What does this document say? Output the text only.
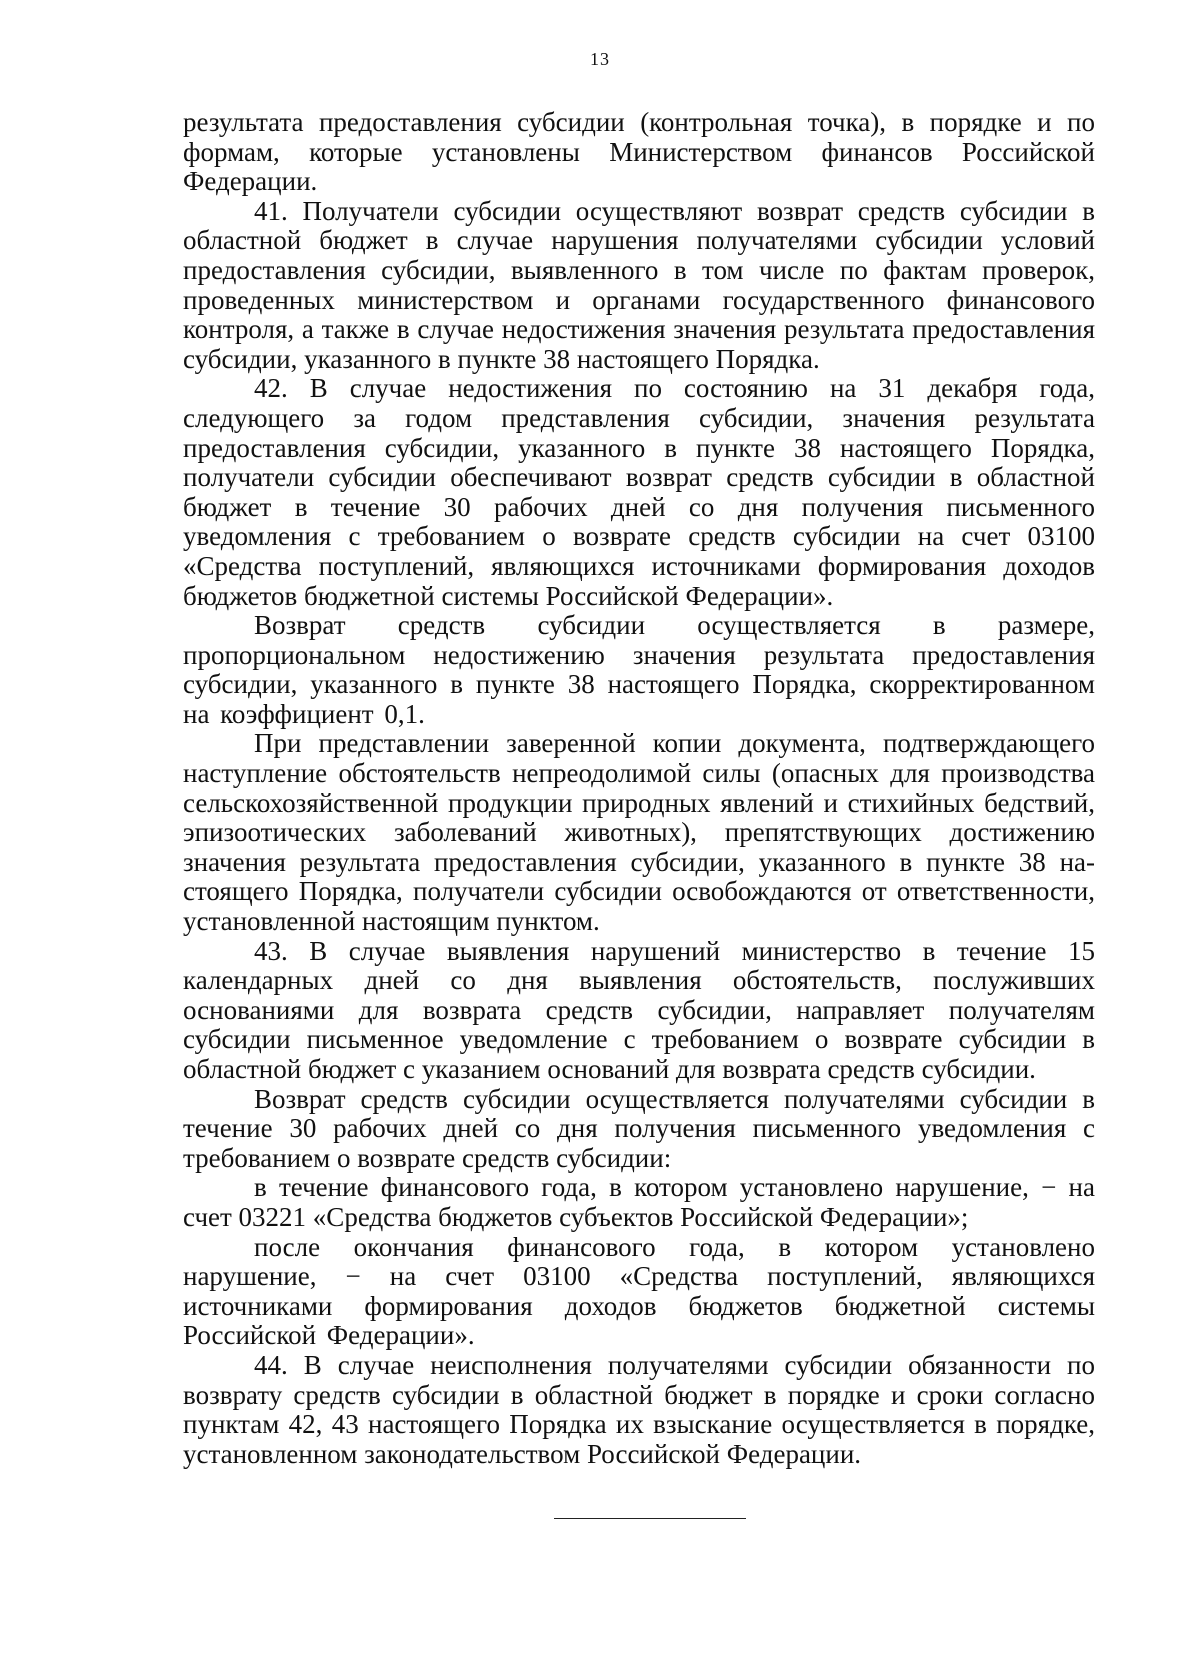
13

результата предоставления субсидии (контрольная точка), в порядке и по формам, которые установлены Министерством финансов Российской Федерации.

41. Получатели субсидии осуществляют возврат средств субсидии в областной бюджет в случае нарушения получателями субсидии условий предоставления субсидии, выявленного в том числе по фактам проверок, проведенных министерством и органами государственного финансового контроля, а также в случае недостижения значения результата предоставления субсидии, указанного в пункте 38 настоящего Порядка.

42. В случае недостижения по состоянию на 31 декабря года, следующего за годом представления субсидии, значения результата предоставления субсидии, указанного в пункте 38 настоящего Порядка, получатели субсидии обеспечивают возврат средств субсидии в областной бюджет в течение 30 рабочих дней со дня получения письменного уведомления с требованием о возврате средств субсидии на счет 03100 «Средства поступлений, являющихся источниками формирования доходов бюджетов бюджетной системы Российской Федерации».

Возврат средств субсидии осуществляется в размере, пропорциональном недостижению значения результата предоставления субсидии, указанного в пункте 38 настоящего Порядка, скорректированном на коэффициент 0,1.

При представлении заверенной копии документа, подтверждающего наступление обстоятельств непреодолимой силы (опасных для производства сельскохозяйственной продукции природных явлений и стихийных бедствий, эпизоотических заболеваний животных), препятствующих достижению значения результата предоставления субсидии, указанного в пункте 38 на-стоящего Порядка, получатели субсидии освобождаются от ответственности, установленной настоящим пунктом.

43. В случае выявления нарушений министерство в течение 15 календарных дней со дня выявления обстоятельств, послуживших основаниями для возврата средств субсидии, направляет получателям субсидии письменное уведомление с требованием о возврате субсидии в областной бюджет с указанием оснований для возврата средств субсидии.

Возврат средств субсидии осуществляется получателями субсидии в течение 30 рабочих дней со дня получения письменного уведомления с требованием о возврате средств субсидии:

в течение финансового года, в котором установлено нарушение, − на счет 03221 «Средства бюджетов субъектов Российской Федерации»;

после окончания финансового года, в котором установлено нарушение, − на счет 03100 «Средства поступлений, являющихся источниками формирования доходов бюджетов бюджетной системы Российской Федерации».

44. В случае неисполнения получателями субсидии обязанности по возврату средств субсидии в областной бюджет в порядке и сроки согласно пунктам 42, 43 настоящего Порядка их взыскание осуществляется в порядке, установленном законодательством Российской Федерации.
